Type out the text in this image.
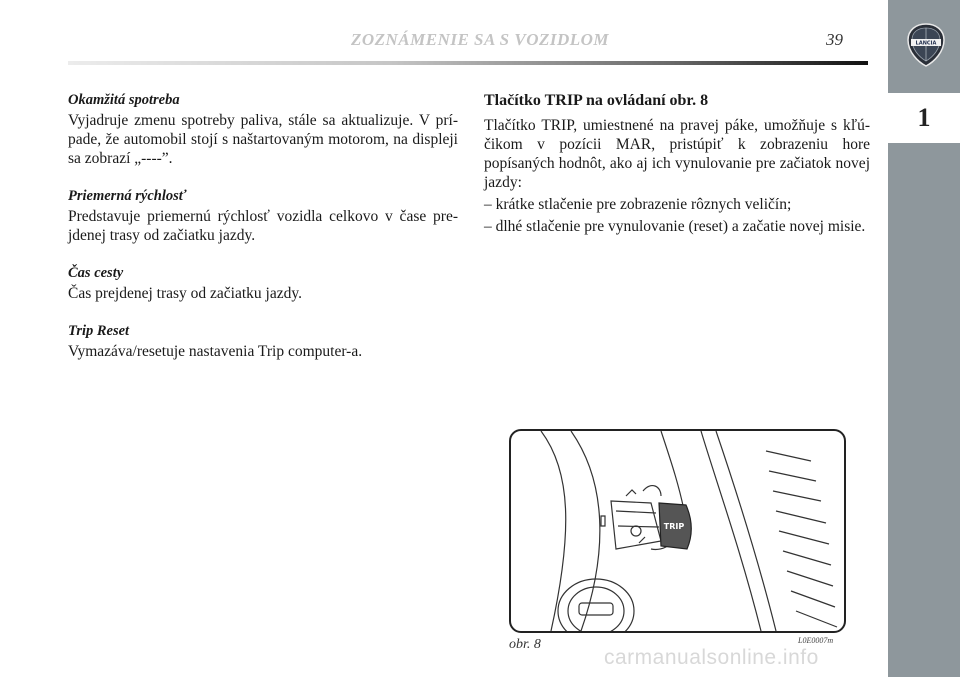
ZOZNÁMENIE SA S VOZIDLOM	39	LANCIA
1
Okamžitá spotreba

Vyjadruje zmenu spotreby paliva, stále sa aktualizuje. V prí-pade, že automobil stojí s naštartovaným motorom, na displeji sa zobrazí „----”.

Priemerná rýchlosť

Predstavuje priemernú rýchlosť vozidla celkovo v čase pre-jdenej trasy od začiatku jazdy.

Čas cesty

Čas prejdenej trasy od začiatku jazdy.

Trip Reset

Vymazáva/resetuje nastavenia Trip computer-a.

Tlačítko TRIP na ovládaní obr. 8

Tlačítko TRIP, umiestnené na pravej páke, umožňuje s kľú-čikom v pozícii MAR, pristúpiť k zobrazeniu hore popísaných hodnôt, ako aj ich vynulovanie pre začiatok novej jazdy:

– krátke stlačenie pre zobrazenie rôznych veličín;
– dlhé stlačenie pre vynulovanie (reset) a začatie novej misie.
TRIP
obr. 8	L0E0007m
carmanualsonline.info
